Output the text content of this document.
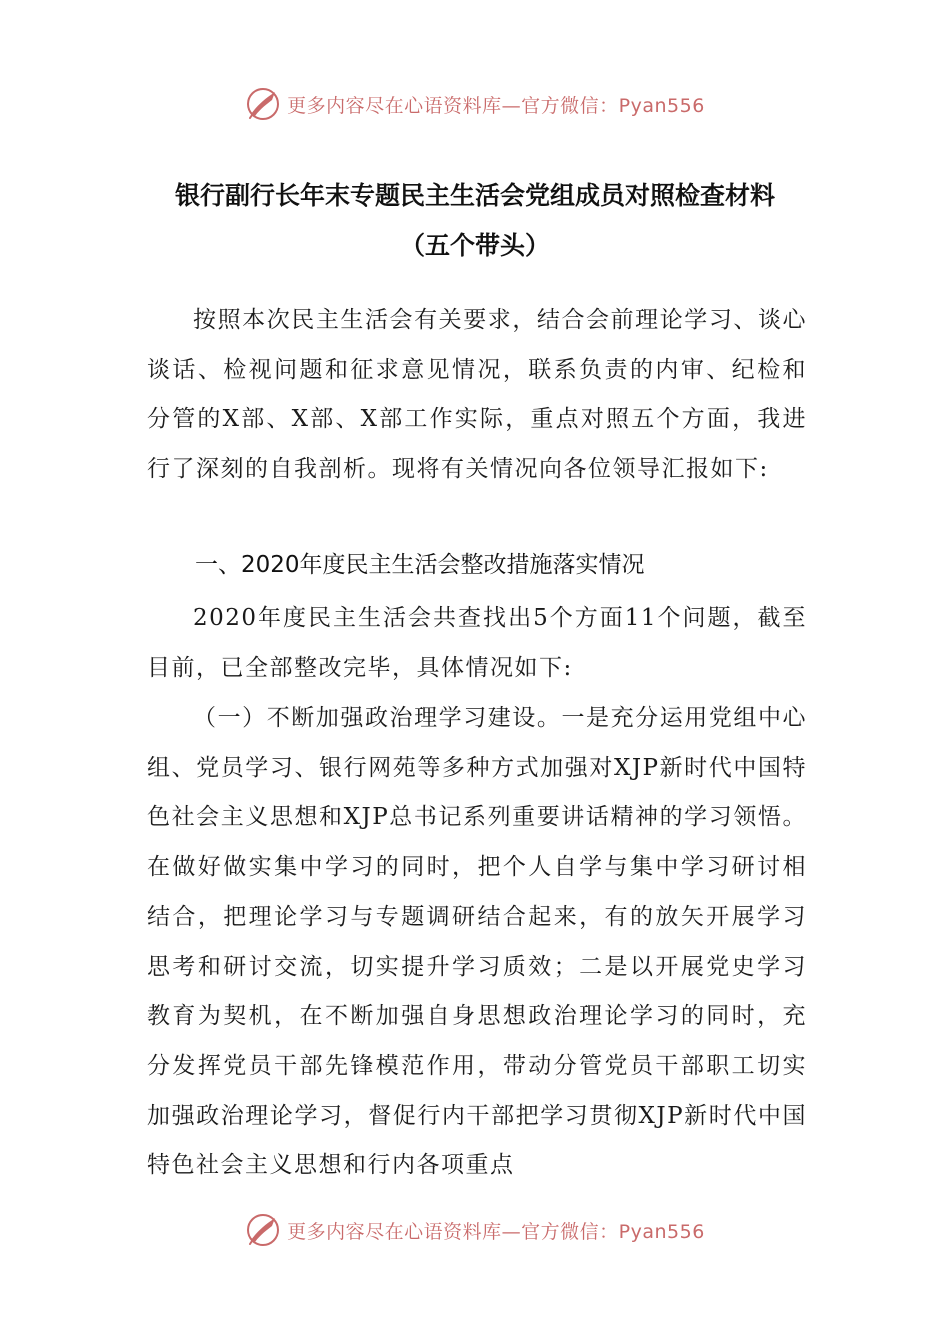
更多内容尽在心语资料库—官方微信：Pyan556
银行副行长年末专题民主生活会党组成员对照检查材料
（五个带头）

按照本次民主生活会有关要求，结合会前理论学习、谈心谈话、检视问题和征求意见情况，联系负责的内审、纪检和分管的X部、X部、X部工作实际，重点对照五个方面，我进行了深刻的自我剖析。现将有关情况向各位领导汇报如下:

一、2020年度民主生活会整改措施落实情况

2020年度民主生活会共查找出5个方面11个问题，截至目前，已全部整改完毕，具体情况如下:

（一）不断加强政治理学习建设。一是充分运用党组中心组、党员学习、银行网苑等多种方式加强对XJP新时代中国特色社会主义思想和XJP总书记系列重要讲话精神的学习领悟。在做好做实集中学习的同时，把个人自学与集中学习研讨相结合，把理论学习与专题调研结合起来，有的放矢开展学习思考和研讨交流，切实提升学习质效；二是以开展党史学习教育为契机，在不断加强自身思想政治理论学习的同时，充分发挥党员干部先锋模范作用，带动分管党员干部职工切实加强政治理论学习，督促行内干部把学习贯彻XJP新时代中国特色社会主义思想和行内各项重点

更多内容尽在心语资料库—官方微信：Pyan556
